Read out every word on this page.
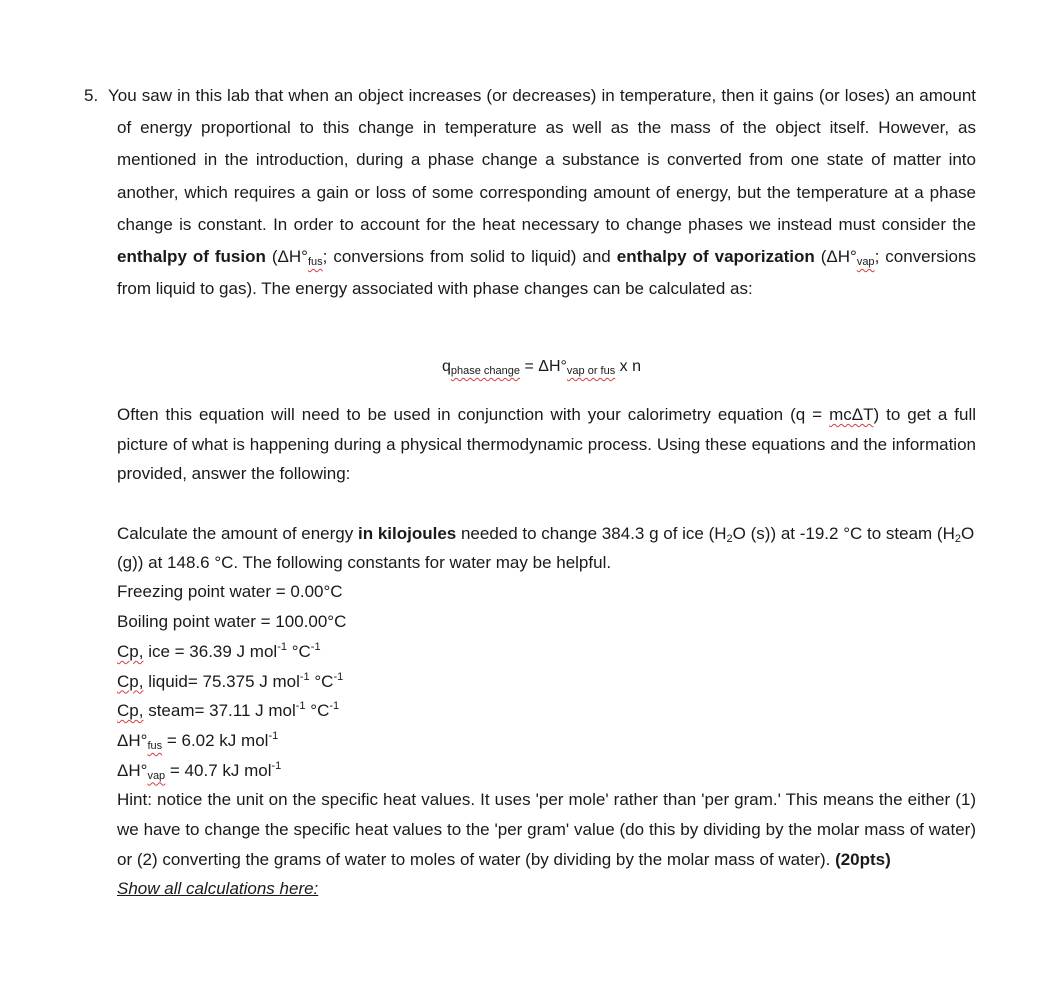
5. You saw in this lab that when an object increases (or decreases) in temperature, then it gains (or loses) an amount of energy proportional to this change in temperature as well as the mass of the object itself. However, as mentioned in the introduction, during a phase change a substance is converted from one state of matter into another, which requires a gain or loss of some corresponding amount of energy, but the temperature at a phase change is constant. In order to account for the heat necessary to change phases we instead must consider the enthalpy of fusion ($\Delta H^\circ_{fus}$; conversions from solid to liquid) and enthalpy of vaporization ($\Delta H^\circ_{vap}$; conversions from liquid to gas). The energy associated with phase changes can be calculated as:

$q_{phase change} = \Delta H^\circ_{vap or fus}$ x n

Often this equation will need to be used in conjunction with your calorimetry equation (q = mcΔT) to get a full picture of what is happening during a physical thermodynamic process. Using these equations and the information provided, answer the following:

Calculate the amount of energy in kilojoules needed to change 384.3 g of ice ($H_2O$ (s)) at -19.2 °C to steam ($H_2O$ (g)) at 148.6 °C. The following constants for water may be helpful.

Freezing point water = 0.00°C

Boiling point water = 100.00°C

Cp, ice = 36.39 J mol$^{-1}$ $^\circ C^{-1}$

Cp, liquid= 75.375 J mol$^{-1}$ $^\circ C^{-1}$

Cp, steam= 37.11 J mol$^{-1}$ $^\circ C^{-1}$

$\Delta H^\circ_{fus} = 6.02$ kJ mol$^{-1}$

$\Delta H^\circ_{vap} = 40.7$ kJ mol$^{-1}$

Hint: notice the unit on the specific heat values. It uses 'per mole' rather than 'per gram.' This means the either (1) we have to change the specific heat values to the 'per gram' value (do this by dividing by the molar mass of water) or (2) converting the grams of water to moles of water (by dividing by the molar mass of water). (20pts)

Show all calculations here:
